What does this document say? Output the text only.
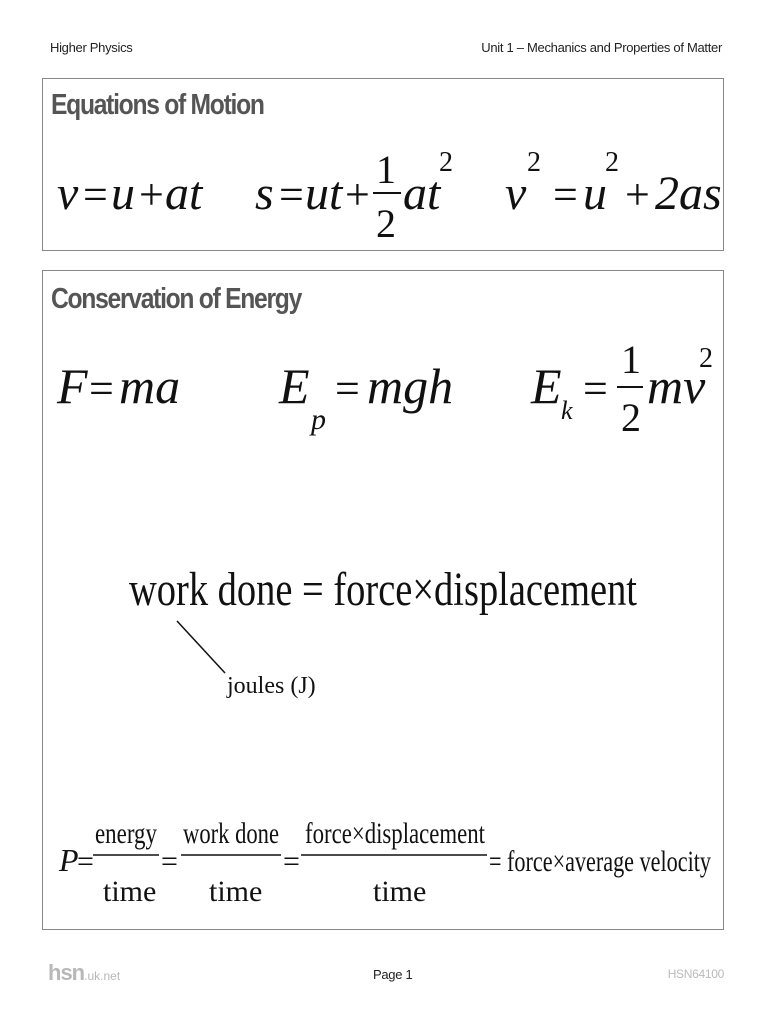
Higher Physics	Unit 1 – Mechanics and Properties of Matter
Equations of Motion
v = u + at s = ut +
1
2
at
2
v
2
= u
2
+ 2as
Conservation of Energy
F = ma E
p
= mgh E k =
1
2
mv
2
work done = force×displacement
joules (J)
P
=
energy
time
=
work done
time
=
force×displacement
time
= force×average velocity
hsn.uk.net	Page 1	HSN64100
